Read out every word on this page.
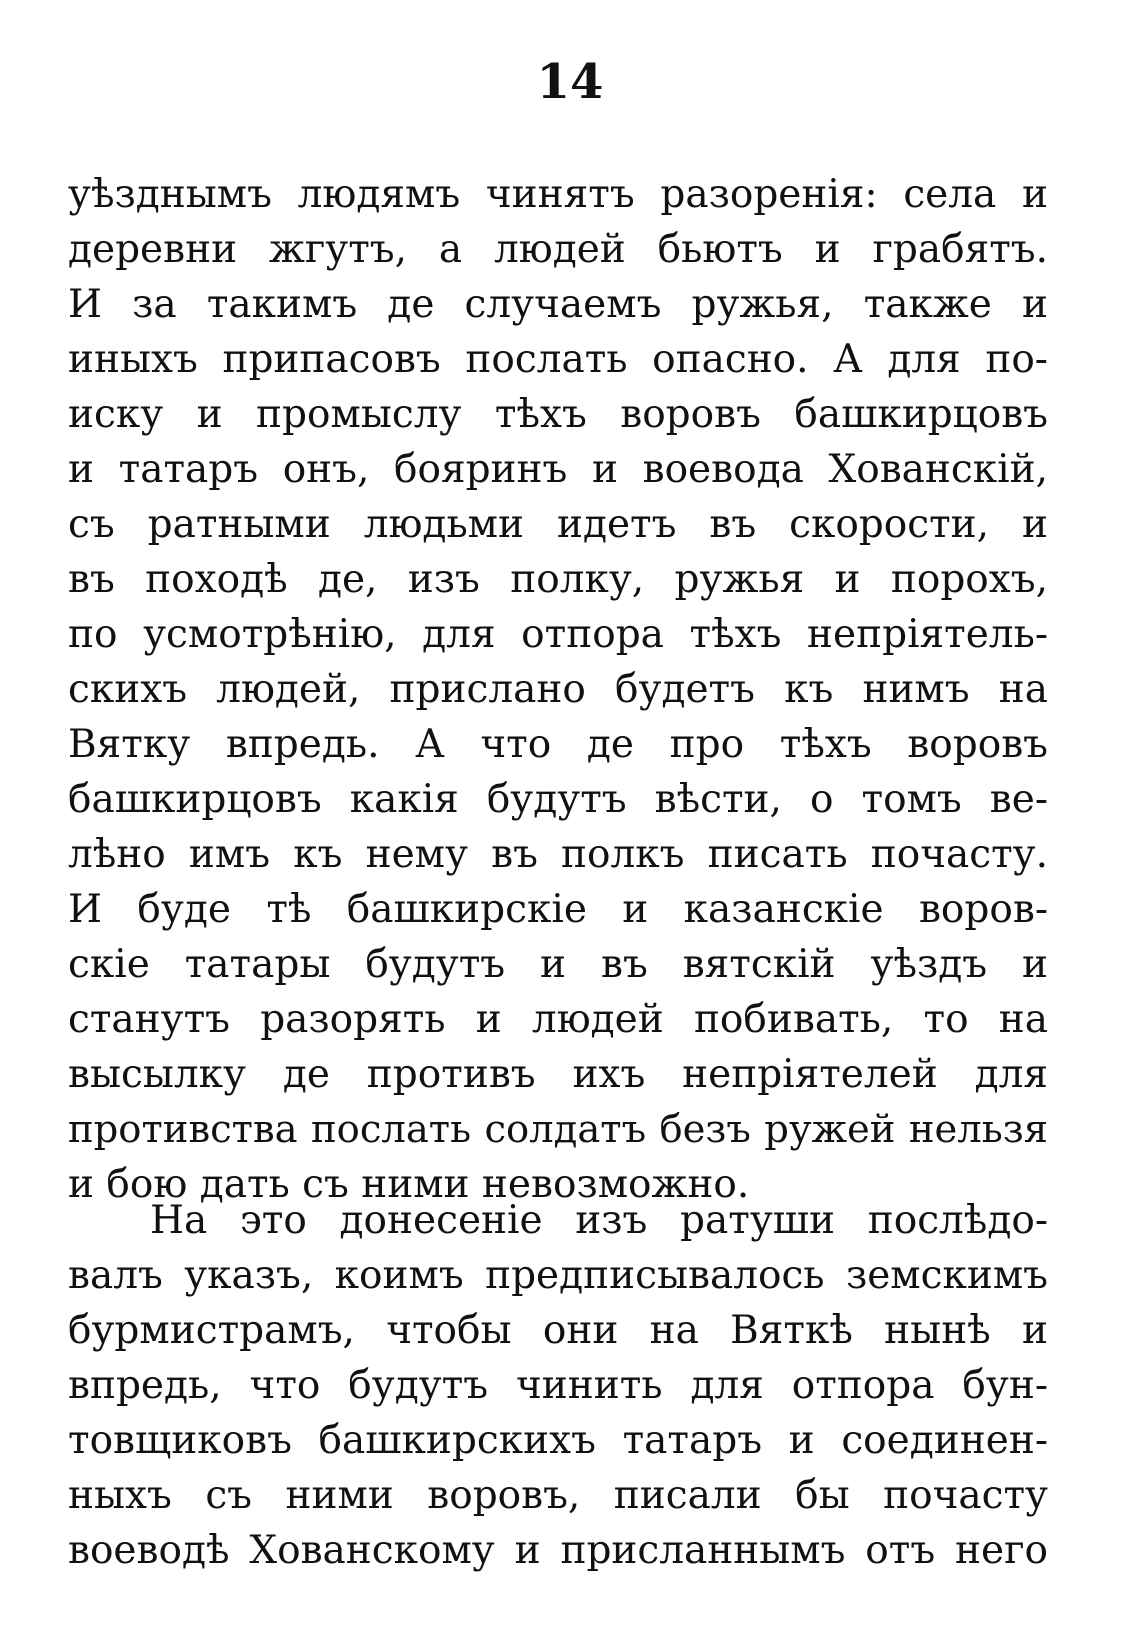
14
уѣзднымъ людямъ чинятъ разоренія: села и
деревни жгутъ, а людей бьютъ и грабятъ.
И за такимъ де случаемъ ружья, также и
иныхъ припасовъ послать опасно. А для по-
иску и промыслу тѣхъ воровъ башкирцовъ
и татаръ онъ, бояринъ и воевода Хованскій,
съ ратными людьми идетъ въ скорости, и
въ походѣ де, изъ полку, ружья и порохъ,
по усмотрѣнію, для отпора тѣхъ непріятель-
скихъ людей, прислано будетъ къ нимъ на
Вятку впредь. А что де про тѣхъ воровъ
башкирцовъ какія будутъ вѣсти, о томъ ве-
лѣно имъ къ нему въ полкъ писать почасту.
И буде тѣ башкирскіе и казанскіе воров-
скіе татары будутъ и въ вятскій уѣздъ и
станутъ разорять и людей побивать, то на
высылку де противъ ихъ непріятелей для
противства послать солдатъ безъ ружей нельзя
и бою дать съ ними невозможно.
На это донесеніе изъ ратуши послѣдо-
валъ указъ, коимъ предписывалось земскимъ
бурмистрамъ, чтобы они на Вяткѣ нынѣ и
впредь, что будутъ чинить для отпора бун-
товщиковъ башкирскихъ татаръ и соединен-
ныхъ съ ними воровъ, писали бы почасту
воеводѣ Хованскому и присланнымъ отъ него
